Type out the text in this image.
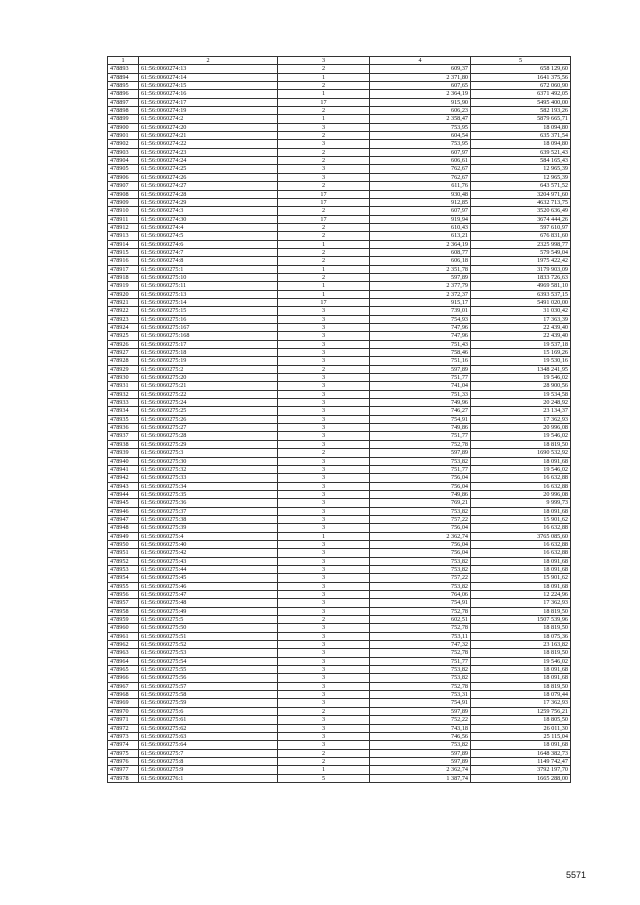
1	2	3	4	5
478893	61:56:0060274:13	2	609,37	658 129,60
478894	61:56:0060274:14	1	2 371,80	1641 375,56
478895	61:56:0060274:15	2	607,65	672 060,90
478896	61:56:0060274:16	1	2 364,19	6371 492,05
478897	61:56:0060274:17	17	915,90	5495 400,00
478898	61:56:0060274:19	2	606,23	582 193,26
478899	61:56:0060274:2	1	2 358,47	5879 665,71
478900	61:56:0060274:20	3	753,95	18 094,80
478901	61:56:0060274:21	2	604,54	635 371,54
478902	61:56:0060274:22	3	753,95	18 094,80
478903	61:56:0060274:23	2	607,97	639 521,43
478904	61:56:0060274:24	2	606,61	584 165,43
478905	61:56:0060274:25	3	762,67	12 965,39
478906	61:56:0060274:26	3	762,67	12 965,39
478907	61:56:0060274:27	2	611,76	643 571,52
478908	61:56:0060274:28	17	930,48	3204 971,60
478909	61:56:0060274:29	17	912,85	4632 713,75
478910	61:56:0060274:3	2	607,97	3520 636,49
478911	61:56:0060274:30	17	919,94	3674 444,26
478912	61:56:0060274:4	2	610,43	597 610,97
478913	61:56:0060274:5	2	613,21	676 831,60
478914	61:56:0060274:6	1	2 364,19	2325 998,77
478915	61:56:0060274:7	2	608,77	579 549,04
478916	61:56:0060274:8	2	606,18	1975 422,42
478917	61:56:0060275:1	1	2 351,78	3179 903,09
478918	61:56:0060275:10	2	597,89	1833 726,63
478919	61:56:0060275:11	1	2 377,79	4969 581,10
478920	61:56:0060275:13	1	2 372,37	6393 537,15
478921	61:56:0060275:14	17	915,17	5491 020,00
478922	61:56:0060275:15	3	739,01	31 030,42
478923	61:56:0060275:16	3	754,93	17 363,39
478924	61:56:0060275:167	3	747,96	22 439,40
478925	61:56:0060275:168	3	747,96	22 439,40
478926	61:56:0060275:17	3	751,43	19 537,18
478927	61:56:0060275:18	3	758,46	15 169,26
478928	61:56:0060275:19	3	751,16	19 530,16
478929	61:56:0060275:2	2	597,89	1348 241,95
478930	61:56:0060275:20	3	751,77	19 546,02
478931	61:56:0060275:21	3	741,04	28 900,56
478932	61:56:0060275:22	3	751,33	19 534,58
478933	61:56:0060275:24	3	749,96	20 248,92
478934	61:56:0060275:25	3	746,27	23 134,37
478935	61:56:0060275:26	3	754,91	17 362,93
478936	61:56:0060275:27	3	749,86	20 996,08
478937	61:56:0060275:28	3	751,77	19 546,02
478938	61:56:0060275:29	3	752,78	18 819,50
478939	61:56:0060275:3	2	597,89	1690 532,92
478940	61:56:0060275:30	3	753,82	18 091,68
478941	61:56:0060275:32	3	751,77	19 546,02
478942	61:56:0060275:33	3	756,04	16 632,88
478943	61:56:0060275:34	3	756,04	16 632,88
478944	61:56:0060275:35	3	749,86	20 996,08
478945	61:56:0060275:36	3	769,21	9 999,73
478946	61:56:0060275:37	3	753,82	18 091,68
478947	61:56:0060275:38	3	757,22	15 901,62
478948	61:56:0060275:39	3	756,04	16 632,88
478949	61:56:0060275:4	1	2 362,74	3765 085,60
478950	61:56:0060275:40	3	756,04	16 632,88
478951	61:56:0060275:42	3	756,04	16 632,88
478952	61:56:0060275:43	3	753,82	18 091,68
478953	61:56:0060275:44	3	753,82	18 091,68
478954	61:56:0060275:45	3	757,22	15 901,62
478955	61:56:0060275:46	3	753,82	18 091,68
478956	61:56:0060275:47	3	764,06	12 224,96
478957	61:56:0060275:48	3	754,91	17 362,93
478958	61:56:0060275:49	3	752,78	18 819,50
478959	61:56:0060275:5	2	602,51	1507 539,96
478960	61:56:0060275:50	3	752,78	18 819,50
478961	61:56:0060275:51	3	753,11	18 075,36
478962	61:56:0060275:52	3	747,32	23 163,82
478963	61:56:0060275:53	3	752,78	18 819,50
478964	61:56:0060275:54	3	751,77	19 546,02
478965	61:56:0060275:55	3	753,82	18 091,68
478966	61:56:0060275:56	3	753,82	18 091,68
478967	61:56:0060275:57	3	752,78	18 819,50
478968	61:56:0060275:58	3	753,31	18 079,44
478969	61:56:0060275:59	3	754,91	17 362,93
478970	61:56:0060275:6	2	597,89	1259 756,21
478971	61:56:0060275:61	3	752,22	18 805,50
478972	61:56:0060275:62	3	743,18	26 011,30
478973	61:56:0060275:63	3	746,56	25 115,04
478974	61:56:0060275:64	3	753,82	18 091,68
478975	61:56:0060275:7	2	597,89	1648 382,73
478976	61:56:0060275:8	2	597,89	1149 742,47
478977	61:56:0060275:9	1	2 362,74	3792 197,70
478978	61:56:0060276:1	5	1 387,74	1665 288,00
5571
